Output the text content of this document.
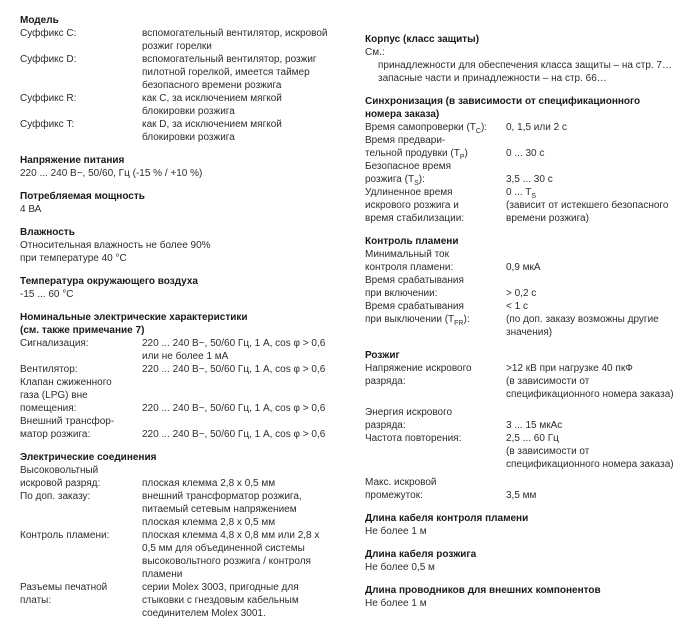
Модель
Суффикс C:	вспомогательный вентилятор, искровой
розжиг горелки
Суффикс D:	вспомогательный вентилятор, розжиг
пилотной горелкой, имеется таймер
безопасного времени розжига
Суффикс R:	как C, за исключением мягкой
блокировки розжига
Суффикс T:	как D, за исключением мягкой
блокировки розжига
Напряжение питания
220 ... 240 В~, 50/60, Гц (-15 % / +10 %)
Потребляемая мощность
4 ВА
Влажность
Относительная влажность не более 90%
при температуре 40 °C
Температура окружающего воздуха
-15 ... 60 °C
Номинальные электрические характеристики
(см. также примечание 7)
Сигнализация:	220 ... 240 В~, 50/60 Гц, 1 А, cos φ > 0,6
или не более 1 мА
Вентилятор:	220 ... 240 В~, 50/60 Гц, 1 А, cos φ > 0,6
Клапан сжиженного
газа (LPG) вне
помещения:	220 ... 240 В~, 50/60 Гц, 1 А, cos φ > 0,6
Внешний трансфор-
матор розжига:	220 ... 240 В~, 50/60 Гц, 1 А, cos φ > 0,6
Электрические соединения
Высоковольтный
искровой разряд:	плоская клемма 2,8 x 0,5 мм
По доп. заказу:	внешний трансформатор розжига,
питаемый сетевым напряжением
плоская клемма 2,8 x 0,5 мм
Контроль пламени:	плоская клемма 4,8 x 0,8 мм или 2,8 x
0,5 мм для объединенной системы
высоковольтного розжига / контроля
пламени
Разъемы печатной	серии Molex 3003, пригодные для
платы:	стыковки с гнездовым кабельным
соединителем Molex 3001.
Корпус (класс защиты)
См.:
принадлежности для обеспечения класса защиты – на стр. 7…
запасные части и принадлежности – на стр. 66…
Синхронизация (в зависимости от спецификационного
номера заказа)
Время самопроверки $(T_C)$:	0, 1,5 или 2 с
Время предвари-
тельной продувки $(T_P)$	0 ... 30 с
Безопасное время
розжига $(T_S)$:	3,5 ... 30 с
Удлиненное время	0 ... $T_S$
искрового розжига и	(зависит от истекшего безопасного
время стабилизации:	времени розжига)
Контроль пламени
Минимальный ток
контроля пламени:	0,9 мкА
Время срабатывания
при включении:	> 0,2 с
Время срабатывания	< 1 с
при выключении $(T_{FR})$:	(по доп. заказу возможны другие
значения)
Розжиг
Напряжение искрового	>12 кВ при нагрузке 40 пкФ
разряда:	(в зависимости от
спецификационного номера заказа)
Энергия искрового
разряда:	3 ... 15 мкАс
Частота повторения:	2,5 ... 60 Гц
(в зависимости от
спецификационного номера заказа)
Макс. искровой
промежуток:	3,5 мм
Длина кабеля контроля пламени
Не более 1 м
Длина кабеля розжига
Не более 0,5 м
Длина проводников для внешних компонентов
Не более 1 м
